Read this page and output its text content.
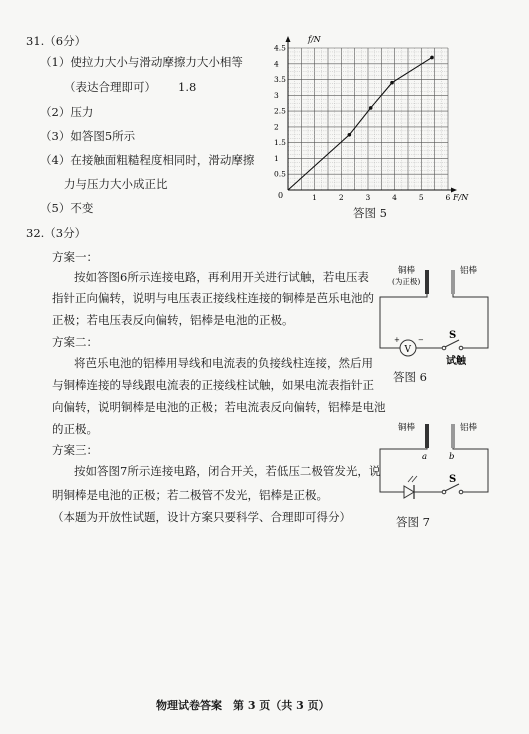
31.（6分）
（1）使拉力大小与滑动摩擦力大小相等
（表达合理即可） 1.8
（2）压力
（3）如答图5所示
（4）在接触面粗糙程度相同时，滑动摩擦
力与压力大小成正比
（5）不变
1	2	3	4	5	6
0.5
1
1.5
2
2.5
3
3.5
4
4.5
f/N
F/N
0
答图 5
32.（3分）
方案一：
按如答图6所示连接电路，再利用开关进行试触，若电压表
指针正向偏转，说明与电压表正接线柱连接的铜棒是芭乐电池的
正极；若电压表反向偏转，铝棒是电池的正极。
方案二：
将芭乐电池的铝棒用导线和电流表的负接线柱连接，然后用
与铜棒连接的导线跟电流表的正接线柱试触，如果电流表指针正
向偏转，说明铜棒是电池的正极；若电流表反向偏转，铝棒是电池
的正极。
方案三：
按如答图7所示连接电路，闭合开关，若低压二极管发光，说
明铜棒是电池的正极；若二极管不发光，铝棒是正极。
（本题为开放性试题，设计方案只要科学、合理即可得分）
V
+	−
铜棒
(为正极)
铝棒
S
试触
答图 6
铜棒	铝棒
a	b
S
答图 7
物理试卷答案　第 3 页（共 3 页）
